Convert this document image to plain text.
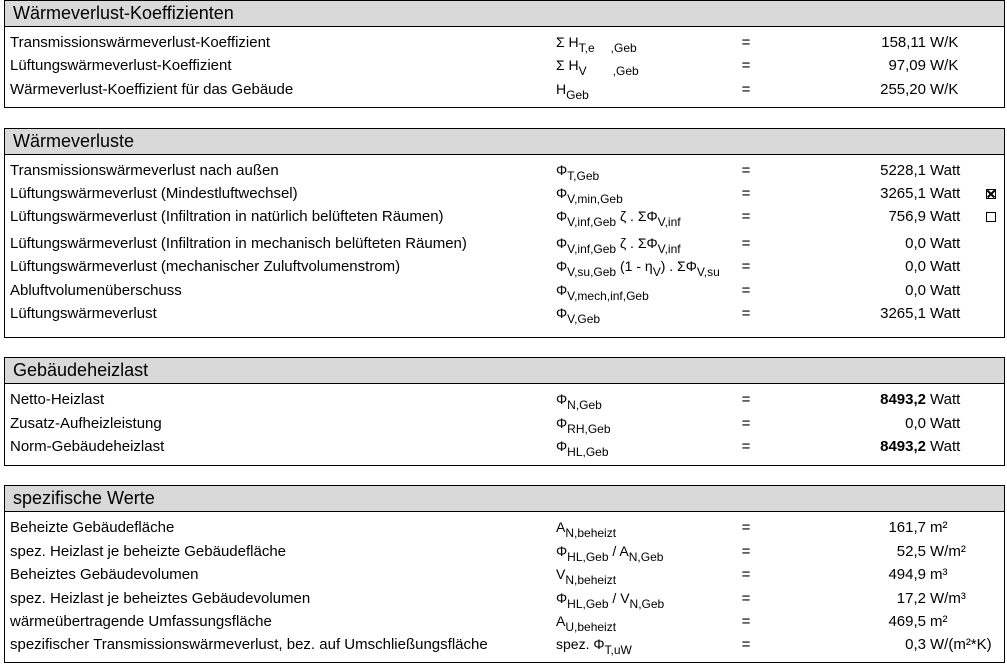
Wärmeverlust-Koeffizienten
Transmissionswärmeverlust-Koeffizient	Σ $H_{T,e}$ $_{,Geb}$	=	158,11 W/K
Lüftungswärmeverlust-Koeffizient	Σ $H_V$ $_{,Geb}$	=	97,09 W/K
Wärmeverlust-Koeffizient für das Gebäude	$H_{Geb}$	=	255,20 W/K
Wärmeverluste
Transmissionswärmeverlust nach außen	$\Phi_{T,Geb}$	=	5228,1 Watt
Lüftungswärmeverlust (Mindestluftwechsel)	$\Phi_{V,min,Geb}$	=	3265,1 Watt
Lüftungswärmeverlust (Infiltration in natürlich belüfteten Räumen)	$\Phi_{V,inf,Geb}$ ζ . $\Sigma\Phi_{V,inf}$	=	756,9 Watt
Lüftungswärmeverlust (Infiltration in mechanisch belüfteten Räumen)	$\Phi_{V,inf,Geb}$ ζ . $\Sigma\Phi_{V,inf}$	=	0,0 Watt
Lüftungswärmeverlust (mechanischer Zuluftvolumenstrom)	$\Phi_{V,su,Geb}$ $(1 - \eta_V)$ . $\Sigma\Phi_{V,su}$ =	0,0 Watt
Abluftvolumenüberschuss	$\Phi_{V,mech,inf,Geb}$	=	0,0 Watt
Lüftungswärmeverlust	$\Phi_{V,Geb}$	=	3265,1 Watt
Gebäudeheizlast
Netto-Heizlast	$\Phi_{N,Geb}$	=	8493,2 Watt
Zusatz-Aufheizleistung	$\Phi_{RH,Geb}$	=	0,0 Watt
Norm-Gebäudeheizlast	$\Phi_{HL,Geb}$	=	8493,2 Watt
spezifische Werte
Beheizte Gebäudefläche	$A_{N,beheizt}$	=	161,7 m²
spez. Heizlast je beheizte Gebäudefläche	$\Phi_{HL,Geb} / A_{N,Geb}$	=	52,5 W/m²
Beheiztes Gebäudevolumen	$V_{N,beheizt}$	=	494,9 m³
spez. Heizlast je beheiztes Gebäudevolumen	$\Phi_{HL,Geb} / V_{N,Geb}$	=	17,2 W/m³
wärmeübertragende Umfassungsfläche	$A_{U,beheizt}$	=	469,5 m²
spezifischer Transmissionswärmeverlust, bez. auf Umschließungsfläche	spez. $\Phi_{T,uW}$	=	0,3 W/(m²*K)
